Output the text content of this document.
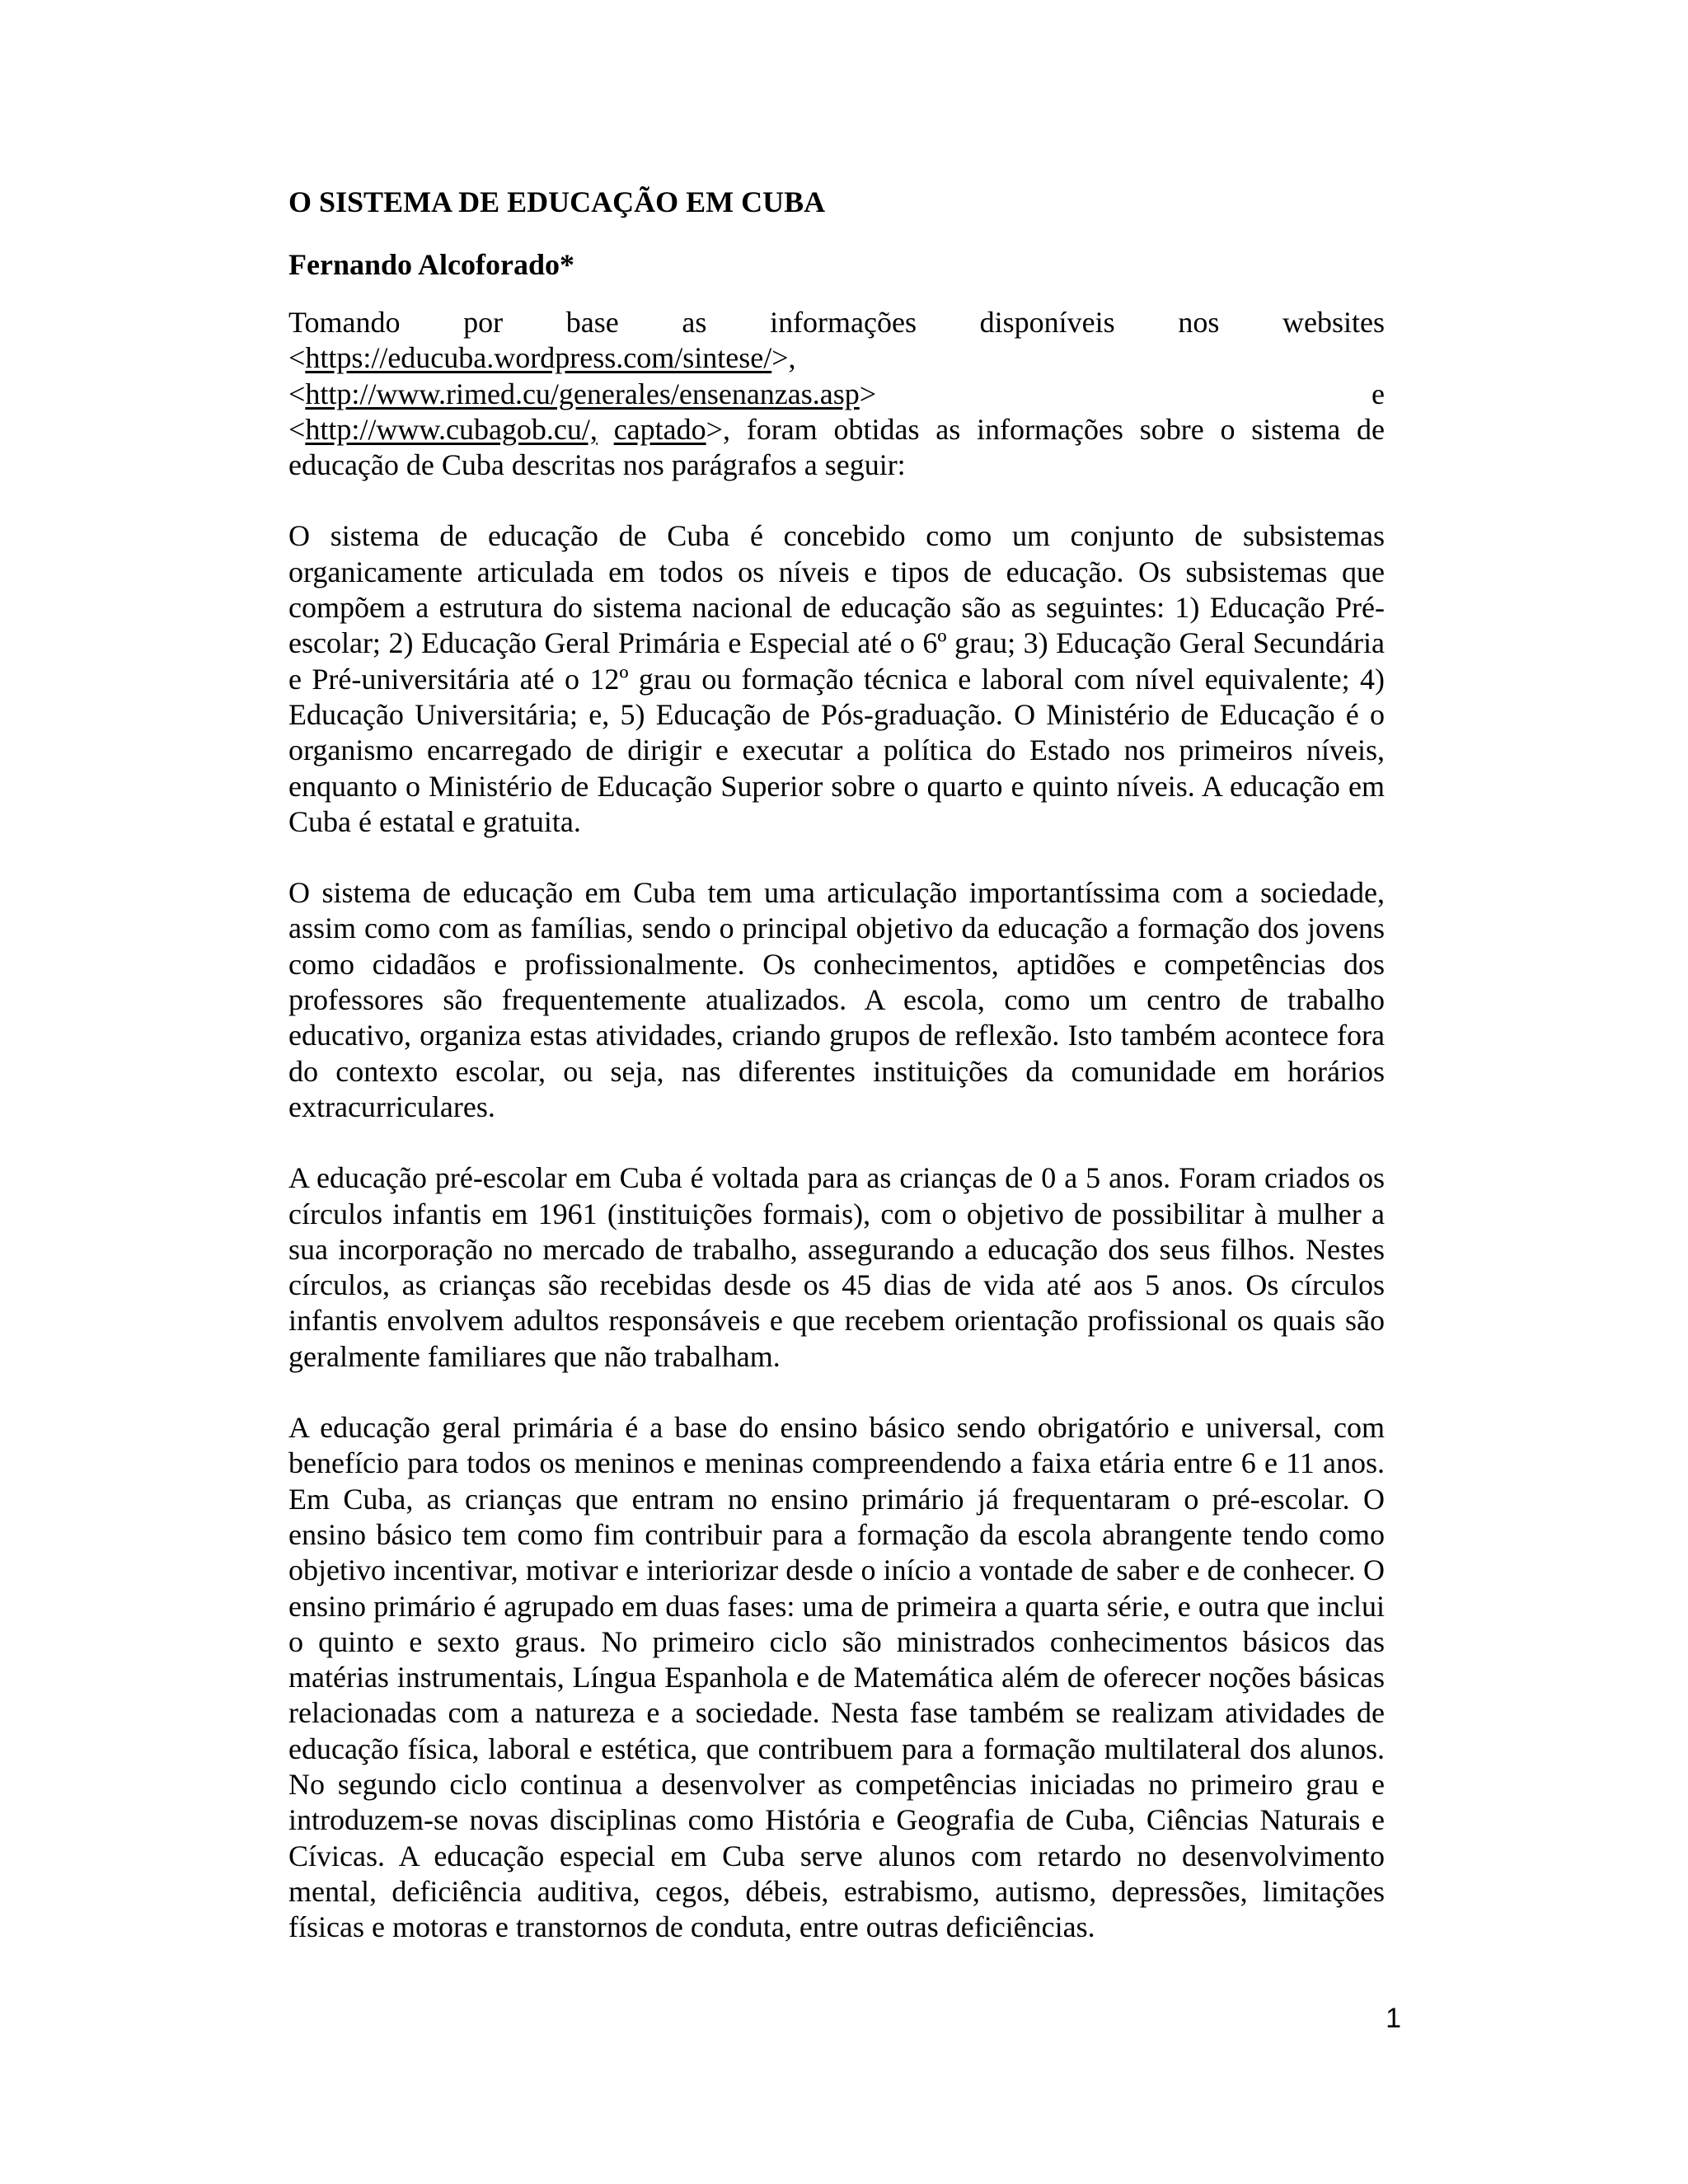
O SISTEMA DE EDUCAÇÃO EM CUBA
Fernando Alcoforado*
Tomando por base as informações disponíveis nos websites
<https://educuba.wordpress.com/sintese/>,
<http://www.rimed.cu/generales/ensenanzas.asp> e
<http://www.cubagob.cu/, captado>, foram obtidas as informações sobre o sistema de
educação de Cuba descritas nos parágrafos a seguir:

O sistema de educação de Cuba é concebido como um conjunto de subsistemas organicamente articulada em todos os níveis e tipos de educação. Os subsistemas que compõem a estrutura do sistema nacional de educação são as seguintes: 1) Educação Pré-escolar; 2) Educação Geral Primária e Especial até o 6º grau; 3) Educação Geral Secundária e Pré-universitária até o 12º grau ou formação técnica e laboral com nível equivalente; 4) Educação Universitária; e, 5) Educação de Pós-graduação. O Ministério de Educação é o organismo encarregado de dirigir e executar a política do Estado nos primeiros níveis, enquanto o Ministério de Educação Superior sobre o quarto e quinto níveis. A educação em Cuba é estatal e gratuita.

O sistema de educação em Cuba tem uma articulação importantíssima com a sociedade, assim como com as famílias, sendo o principal objetivo da educação a formação dos jovens como cidadãos e profissionalmente. Os conhecimentos, aptidões e competências dos professores são frequentemente atualizados. A escola, como um centro de trabalho educativo, organiza estas atividades, criando grupos de reflexão. Isto também acontece fora do contexto escolar, ou seja, nas diferentes instituições da comunidade em horários extracurriculares.

A educação pré-escolar em Cuba é voltada para as crianças de 0 a 5 anos. Foram criados os círculos infantis em 1961 (instituições formais), com o objetivo de possibilitar à mulher a sua incorporação no mercado de trabalho, assegurando a educação dos seus filhos. Nestes círculos, as crianças são recebidas desde os 45 dias de vida até aos 5 anos. Os círculos infantis envolvem adultos responsáveis e que recebem orientação profissional os quais são geralmente familiares que não trabalham.

A educação geral primária é a base do ensino básico sendo obrigatório e universal, com benefício para todos os meninos e meninas compreendendo a faixa etária entre 6 e 11 anos. Em Cuba, as crianças que entram no ensino primário já frequentaram o pré-escolar. O ensino básico tem como fim contribuir para a formação da escola abrangente tendo como objetivo incentivar, motivar e interiorizar desde o início a vontade de saber e de conhecer. O ensino primário é agrupado em duas fases: uma de primeira a quarta série, e outra que inclui o quinto e sexto graus. No primeiro ciclo são ministrados conhecimentos básicos das matérias instrumentais, Língua Espanhola e de Matemática além de oferecer noções básicas relacionadas com a natureza e a sociedade. Nesta fase também se realizam atividades de educação física, laboral e estética, que contribuem para a formação multilateral dos alunos. No segundo ciclo continua a desenvolver as competências iniciadas no primeiro grau e introduzem-se novas disciplinas como História e Geografia de Cuba, Ciências Naturais e Cívicas. A educação especial em Cuba serve alunos com retardo no desenvolvimento mental, deficiência auditiva, cegos, débeis, estrabismo, autismo, depressões, limitações físicas e motoras e transtornos de conduta, entre outras deficiências.

1
